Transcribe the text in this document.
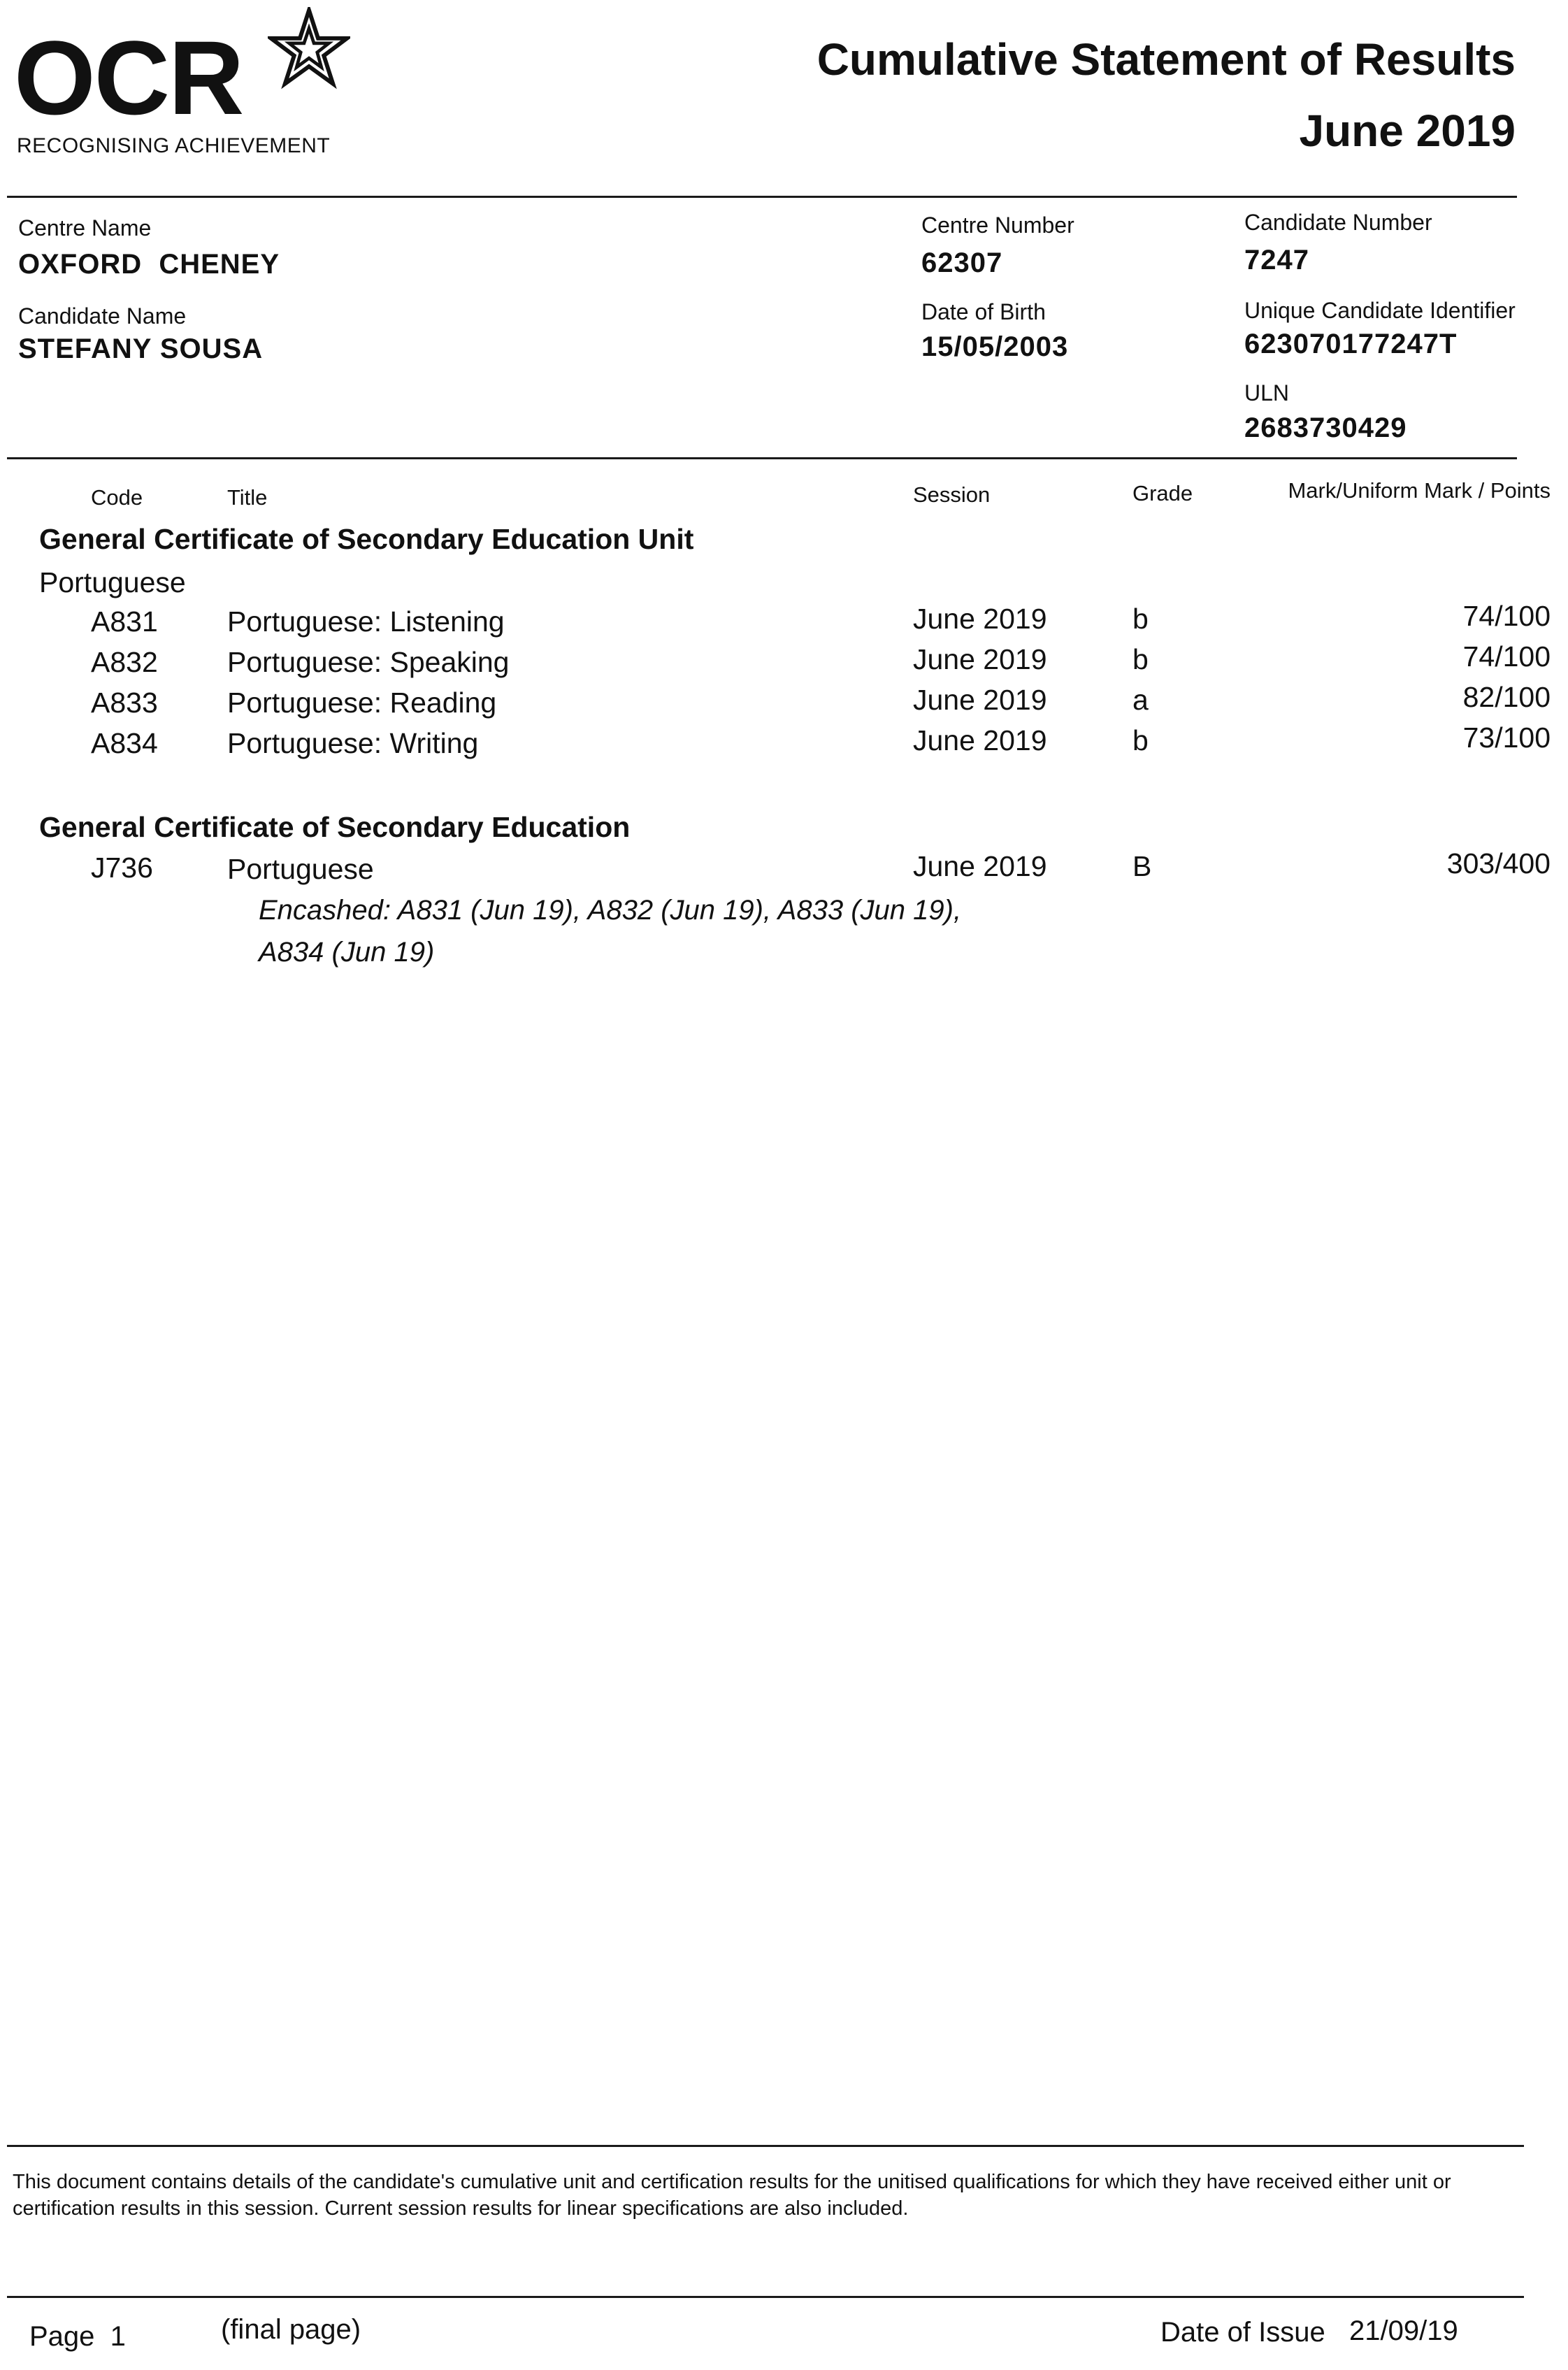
OCR
RECOGNISING ACHIEVEMENT
Cumulative Statement of Results
June 2019
Centre Name
OXFORD  CHENEY
Centre Number
62307
Candidate Number
7247
Candidate Name
STEFANY SOUSA
Date of Birth
15/05/2003
Unique Candidate Identifier
623070177247T
ULN
2683730429
Code	Title	Session	Grade	Mark/Uniform Mark / Points
General Certificate of Secondary Education Unit
Portuguese
A831 Portuguese: Listening	June 2019	b	74/100
A832 Portuguese: Speaking	June 2019	b	74/100
A833 Portuguese: Reading	June 2019	a	82/100
A834 Portuguese: Writing	June 2019	b	73/100
General Certificate of Secondary Education
J736	Portuguese	June 2019	B	303/400
Encashed: A831 (Jun 19), A832 (Jun 19), A833 (Jun 19),
A834 (Jun 19)
This document contains details of the candidate's cumulative unit and certification results for the unitised qualifications for which they have received either unit or certification results in this session. Current session results for linear specifications are also included.
Page  1	(final page)	Date of Issue 21/09/19
